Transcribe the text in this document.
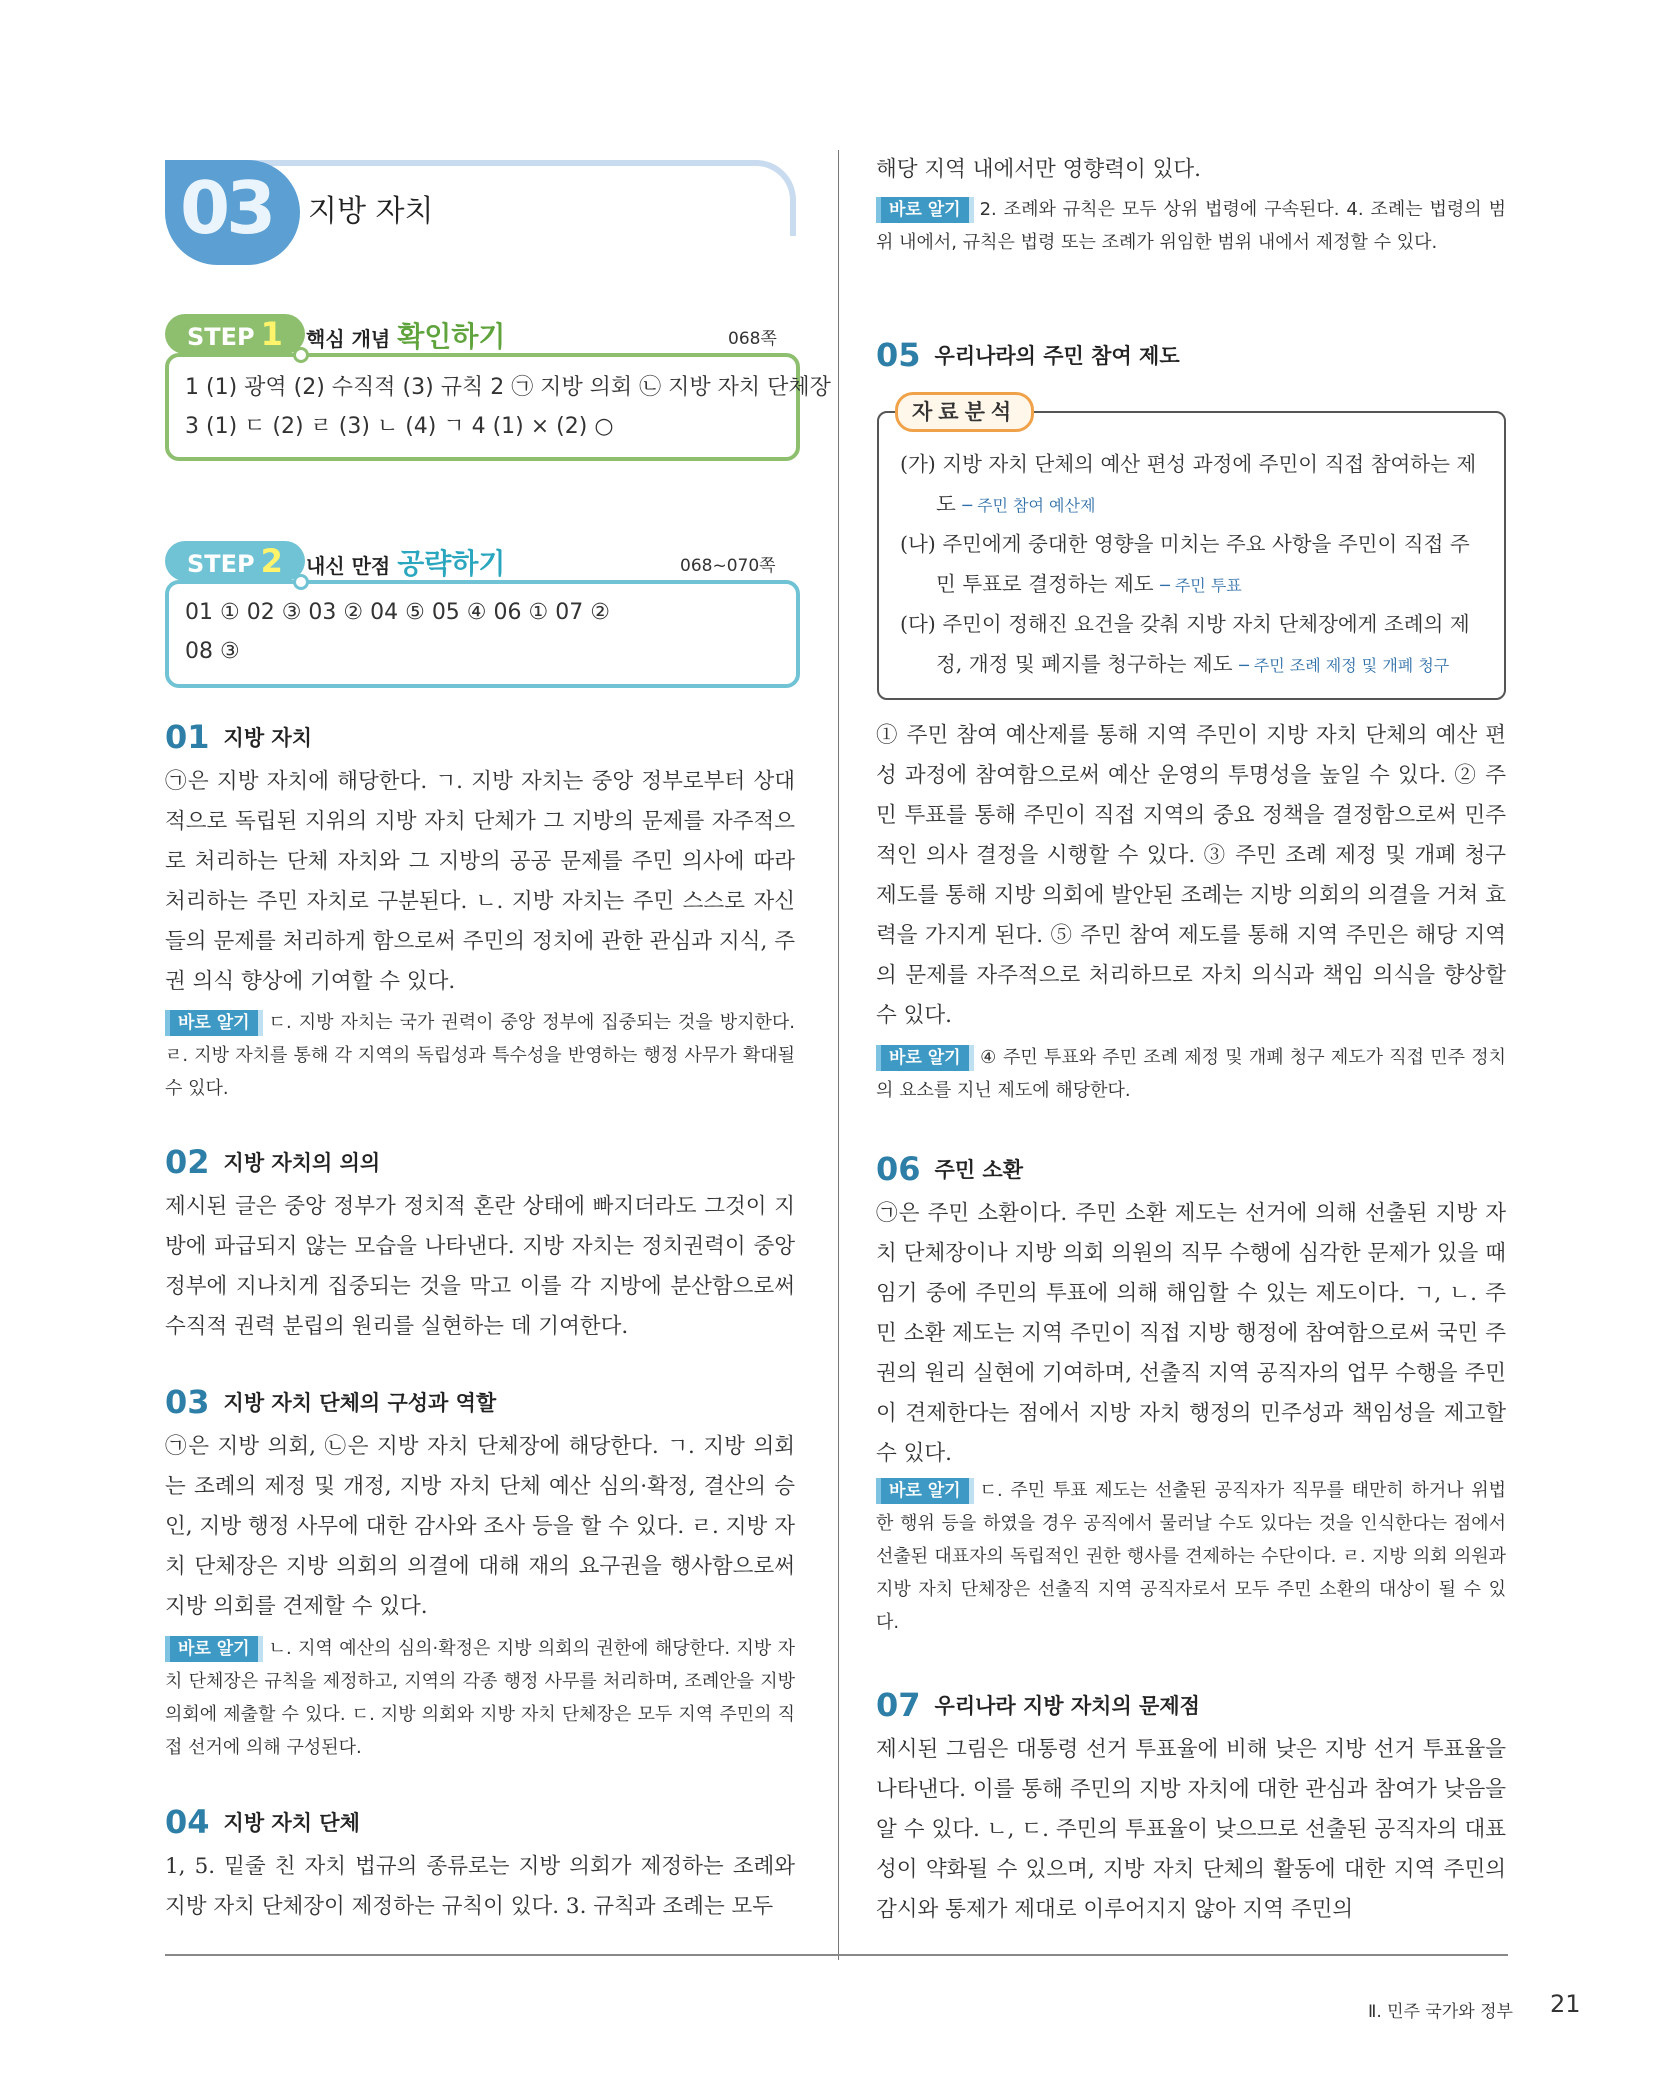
03 지방 자치
STEP 1	핵심 개념 확인하기	068쪽
1 (1) 광역 (2) 수직적 (3) 규칙 2 ㉠ 지방 의회 ㉡ 지방 자치 단체장
3 (1) ㄷ (2) ㄹ (3) ㄴ (4) ㄱ 4 (1) × (2) ○
STEP 2	내신 만점 공략하기	068~070쪽
01 ① 02 ③ 03 ② 04 ⑤ 05 ④ 06 ① 07 ②
08 ③
01 지방 자치
㉠은 지방 자치에 해당한다. ㄱ. 지방 자치는 중앙 정부로부터 상대적으로 독립된 지위의 지방 자치 단체가 그 지방의 문제를 자주적으로 처리하는 단체 자치와 그 지방의 공공 문제를 주민 의사에 따라 처리하는 주민 자치로 구분된다. ㄴ. 지방 자치는 주민 스스로 자신들의 문제를 처리하게 함으로써 주민의 정치에 관한 관심과 지식, 주권 의식 향상에 기여할 수 있다.
바로 알기 ㄷ. 지방 자치는 국가 권력이 중앙 정부에 집중되는 것을 방지한다. ㄹ. 지방 자치를 통해 각 지역의 독립성과 특수성을 반영하는 행정 사무가 확대될 수 있다.
02 지방 자치의 의의
제시된 글은 중앙 정부가 정치적 혼란 상태에 빠지더라도 그것이 지방에 파급되지 않는 모습을 나타낸다. 지방 자치는 정치권력이 중앙 정부에 지나치게 집중되는 것을 막고 이를 각 지방에 분산함으로써 수직적 권력 분립의 원리를 실현하는 데 기여한다.
03 지방 자치 단체의 구성과 역할
㉠은 지방 의회, ㉡은 지방 자치 단체장에 해당한다. ㄱ. 지방 의회는 조례의 제정 및 개정, 지방 자치 단체 예산 심의·확정, 결산의 승인, 지방 행정 사무에 대한 감사와 조사 등을 할 수 있다. ㄹ. 지방 자치 단체장은 지방 의회의 의결에 대해 재의 요구권을 행사함으로써 지방 의회를 견제할 수 있다.
바로 알기 ㄴ. 지역 예산의 심의·확정은 지방 의회의 권한에 해당한다. 지방 자치 단체장은 규칙을 제정하고, 지역의 각종 행정 사무를 처리하며, 조례안을 지방 의회에 제출할 수 있다. ㄷ. 지방 의회와 지방 자치 단체장은 모두 지역 주민의 직접 선거에 의해 구성된다.
04 지방 자치 단체
1, 5. 밑줄 친 자치 법규의 종류로는 지방 의회가 제정하는 조례와 지방 자치 단체장이 제정하는 규칙이 있다. 3. 규칙과 조례는 모두
해당 지역 내에서만 영향력이 있다.
바로 알기 2. 조례와 규칙은 모두 상위 법령에 구속된다. 4. 조례는 법령의 범위 내에서, 규칙은 법령 또는 조례가 위임한 범위 내에서 제정할 수 있다.
05 우리나라의 주민 참여 제도
자료분석
(가) 지방 자치 단체의 예산 편성 과정에 주민이 직접 참여하는 제
도 ─ 주민 참여 예산제
(나) 주민에게 중대한 영향을 미치는 주요 사항을 주민이 직접 주
민 투표로 결정하는 제도 ─ 주민 투표
(다) 주민이 정해진 요건을 갖춰 지방 자치 단체장에게 조례의 제
정, 개정 및 폐지를 청구하는 제도 ─ 주민 조례 제정 및 개폐 청구
① 주민 참여 예산제를 통해 지역 주민이 지방 자치 단체의 예산 편성 과정에 참여함으로써 예산 운영의 투명성을 높일 수 있다. ② 주민 투표를 통해 주민이 직접 지역의 중요 정책을 결정함으로써 민주적인 의사 결정을 시행할 수 있다. ③ 주민 조례 제정 및 개폐 청구 제도를 통해 지방 의회에 발안된 조례는 지방 의회의 의결을 거쳐 효력을 가지게 된다. ⑤ 주민 참여 제도를 통해 지역 주민은 해당 지역의 문제를 자주적으로 처리하므로 자치 의식과 책임 의식을 향상할 수 있다.
바로 알기 ④ 주민 투표와 주민 조례 제정 및 개폐 청구 제도가 직접 민주 정치의 요소를 지닌 제도에 해당한다.
06 주민 소환
㉠은 주민 소환이다. 주민 소환 제도는 선거에 의해 선출된 지방 자치 단체장이나 지방 의회 의원의 직무 수행에 심각한 문제가 있을 때 임기 중에 주민의 투표에 의해 해임할 수 있는 제도이다. ㄱ, ㄴ. 주민 소환 제도는 지역 주민이 직접 지방 행정에 참여함으로써 국민 주권의 원리 실현에 기여하며, 선출직 지역 공직자의 업무 수행을 주민이 견제한다는 점에서 지방 자치 행정의 민주성과 책임성을 제고할 수 있다.
바로 알기 ㄷ. 주민 투표 제도는 선출된 공직자가 직무를 태만히 하거나 위법한 행위 등을 하였을 경우 공직에서 물러날 수도 있다는 것을 인식한다는 점에서 선출된 대표자의 독립적인 권한 행사를 견제하는 수단이다. ㄹ. 지방 의회 의원과 지방 자치 단체장은 선출직 지역 공직자로서 모두 주민 소환의 대상이 될 수 있다.
07 우리나라 지방 자치의 문제점
제시된 그림은 대통령 선거 투표율에 비해 낮은 지방 선거 투표율을 나타낸다. 이를 통해 주민의 지방 자치에 대한 관심과 참여가 낮음을 알 수 있다. ㄴ, ㄷ. 주민의 투표율이 낮으므로 선출된 공직자의 대표성이 약화될 수 있으며, 지방 자치 단체의 활동에 대한 지역 주민의 감시와 통제가 제대로 이루어지지 않아 지역 주민의
Ⅱ. 민주 국가와 정부 21
